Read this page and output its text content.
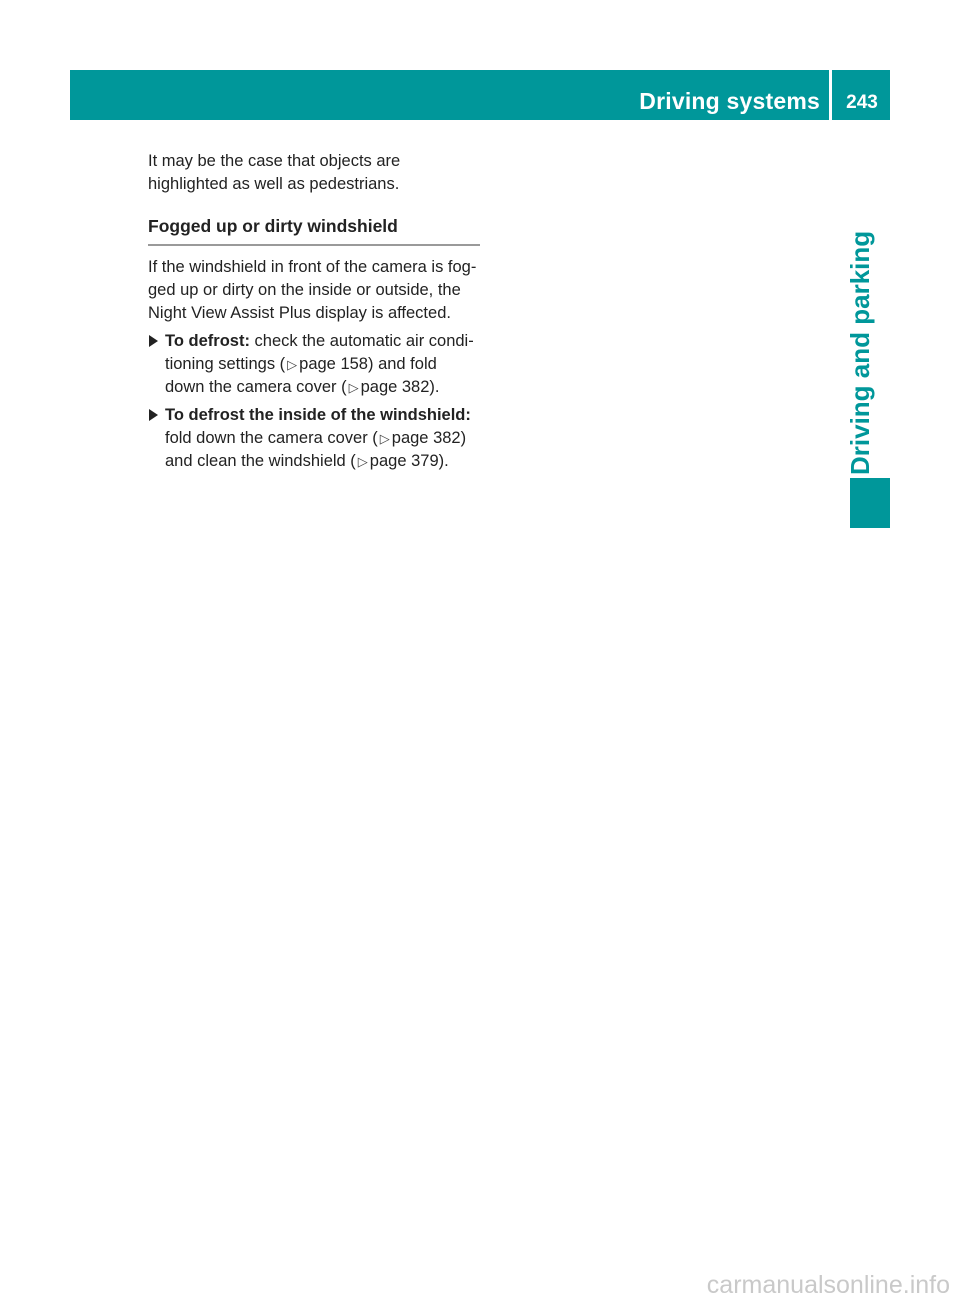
Driving systems	243
Driving and parking

It may be the case that objects are highlighted as well as pedestrians.

Fogged up or dirty windshield

If the windshield in front of the camera is fog-ged up or dirty on the inside or outside, the Night View Assist Plus display is affected.

To defrost: check the automatic air condi-tioning settings ( ▷ page 158) and fold down the camera cover ( ▷ page 382).
To defrost the inside of the windshield: fold down the camera cover ( ▷ page 382) and clean the windshield ( ▷ page 379).
carmanualsonline.info
